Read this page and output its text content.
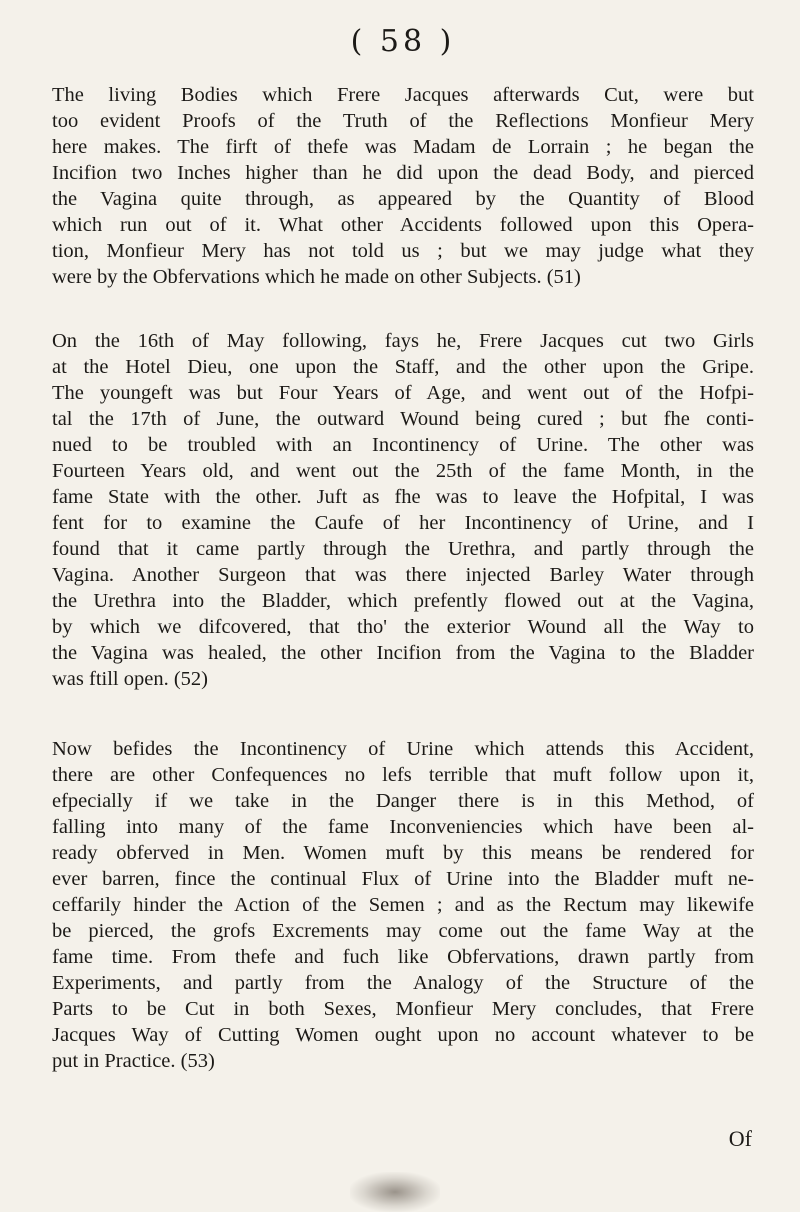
( 58 )
The living Bodies which Frere Jacques afterwards Cut, were but
too evident Proofs of the Truth of the Reflections Monfieur Mery
here makes. The firft of thefe was Madam de Lorrain ; he began the
Incifion two Inches higher than he did upon the dead Body, and pierced
the Vagina quite through, as appeared by the Quantity of Blood
which run out of it. What other Accidents followed upon this Opera-
tion, Monfieur Mery has not told us ; but we may judge what they
were by the Obfervations which he made on other Subjects. (51)
On the 16th of May following, fays he, Frere Jacques cut two Girls
at the Hotel Dieu, one upon the Staff, and the other upon the Gripe.
The youngeft was but Four Years of Age, and went out of the Hofpi-
tal the 17th of June, the outward Wound being cured ; but fhe conti-
nued to be troubled with an Incontinency of Urine. The other was
Fourteen Years old, and went out the 25th of the fame Month, in the
fame State with the other. Juft as fhe was to leave the Hofpital, I was
fent for to examine the Caufe of her Incontinency of Urine, and I
found that it came partly through the Urethra, and partly through the
Vagina. Another Surgeon that was there injected Barley Water through
the Urethra into the Bladder, which prefently flowed out at the Vagina,
by which we difcovered, that tho' the exterior Wound all the Way to
the Vagina was healed, the other Incifion from the Vagina to the Bladder
was ftill open. (52)
Now befides the Incontinency of Urine which attends this Accident,
there are other Confequences no lefs terrible that muft follow upon it,
efpecially if we take in the Danger there is in this Method, of
falling into many of the fame Inconveniencies which have been al-
ready obferved in Men. Women muft by this means be rendered for
ever barren, fince the continual Flux of Urine into the Bladder muft ne-
ceffarily hinder the Action of the Semen ; and as the Rectum may likewife
be pierced, the grofs Excrements may come out the fame Way at the
fame time. From thefe and fuch like Obfervations, drawn partly from
Experiments, and partly from the Analogy of the Structure of the
Parts to be Cut in both Sexes, Monfieur Mery concludes, that Frere
Jacques Way of Cutting Women ought upon no account whatever to be
put in Practice. (53)
Of
